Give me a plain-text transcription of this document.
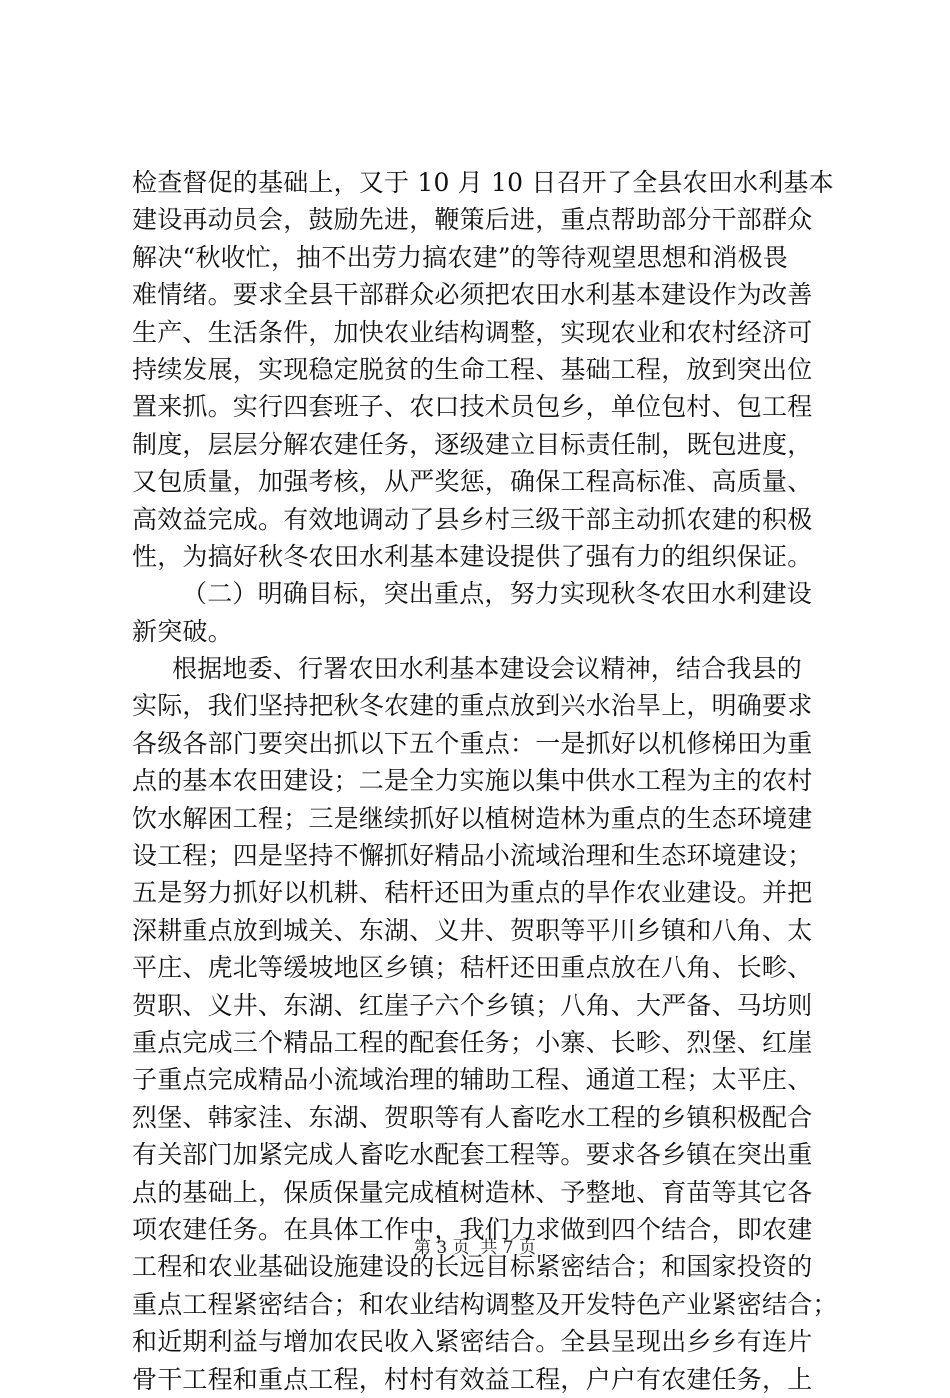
检查督促的基础上，又于 10 月 10 日召开了全县农田水利基本
建设再动员会，鼓励先进，鞭策后进，重点帮助部分干部群众
解决“秋收忙，抽不出劳力搞农建”的等待观望思想和消极畏
难情绪。要求全县干部群众必须把农田水利基本建设作为改善
生产、生活条件，加快农业结构调整，实现农业和农村经济可
持续发展，实现稳定脱贫的生命工程、基础工程，放到突出位
置来抓。实行四套班子、农口技术员包乡，单位包村、包工程
制度，层层分解农建任务，逐级建立目标责任制，既包进度，
又包质量，加强考核，从严奖惩，确保工程高标准、高质量、
高效益完成。有效地调动了县乡村三级干部主动抓农建的积极
性，为搞好秋冬农田水利基本建设提供了强有力的组织保证。
（二）明确目标，突出重点，努力实现秋冬农田水利建设
新突破。
根据地委、行署农田水利基本建设会议精神，结合我县的
实际，我们坚持把秋冬农建的重点放到兴水治旱上，明确要求
各级各部门要突出抓以下五个重点：一是抓好以机修梯田为重
点的基本农田建设；二是全力实施以集中供水工程为主的农村
饮水解困工程；三是继续抓好以植树造林为重点的生态环境建
设工程；四是坚持不懈抓好精品小流域治理和生态环境建设；
五是努力抓好以机耕、秸杆还田为重点的旱作农业建设。并把
深耕重点放到城关、东湖、义井、贺职等平川乡镇和八角、太
平庄、虎北等缓坡地区乡镇；秸杆还田重点放在八角、长畛、
贺职、义井、东湖、红崖子六个乡镇；八角、大严备、马坊则
重点完成三个精品工程的配套任务；小寨、长畛、烈堡、红崖
子重点完成精品小流域治理的辅助工程、通道工程；太平庄、
烈堡、韩家洼、东湖、贺职等有人畜吃水工程的乡镇积极配合
有关部门加紧完成人畜吃水配套工程等。要求各乡镇在突出重
点的基础上，保质保量完成植树造林、予整地、育苗等其它各
项农建任务。在具体工作中，我们力求做到四个结合，即农建
工程和农业基础设施建设的长远目标紧密结合；和国家投资的
重点工程紧密结合；和农业结构调整及开发特色产业紧密结合；
和近期利益与增加农民收入紧密结合。全县呈现出乡乡有连片
骨干工程和重点工程，村村有效益工程，户户有农建任务，上
第 3 页  共 7 页
